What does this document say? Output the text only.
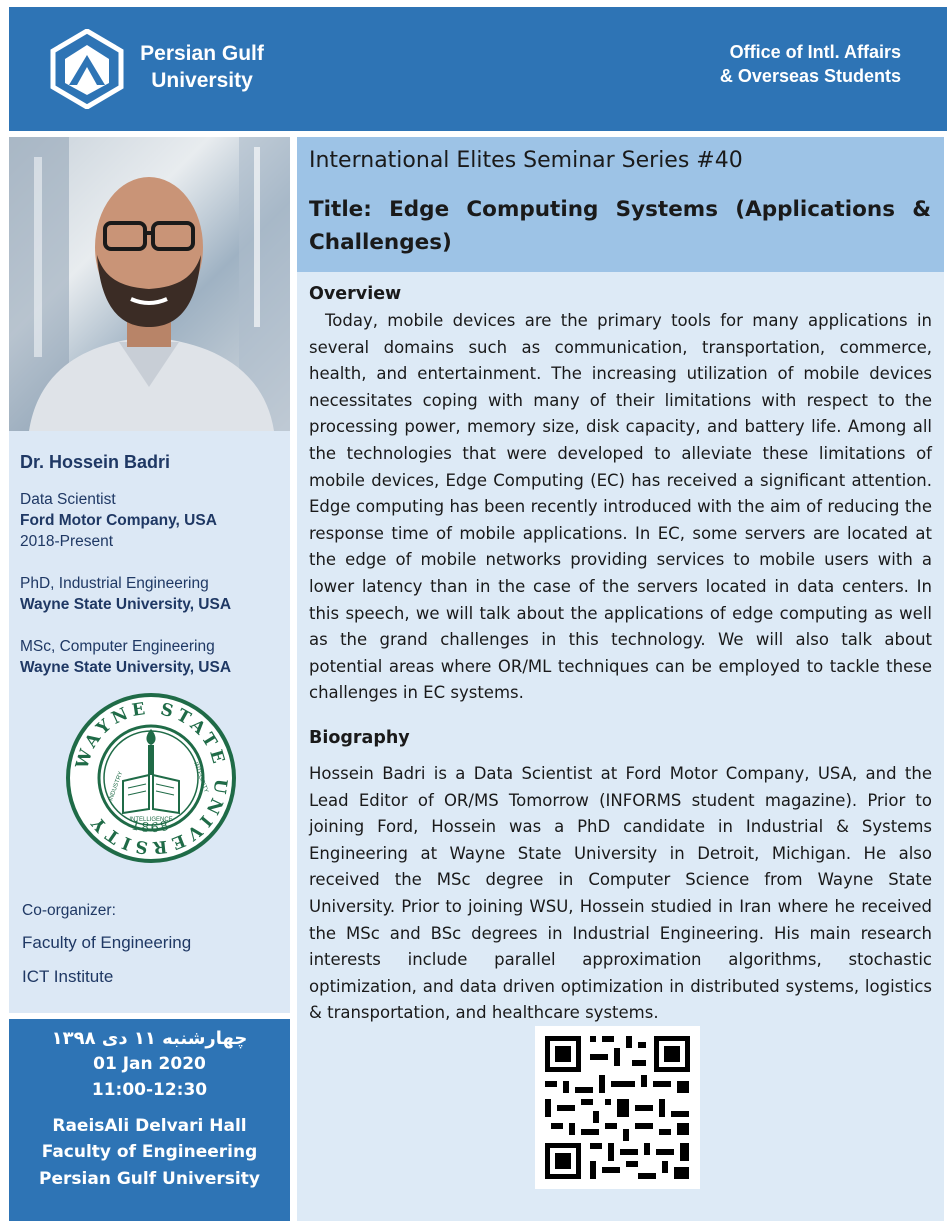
Persian Gulf
University
Office of Intl. Affairs
& Overseas Students
Dr. Hossein Badri
Data Scientist
Ford Motor Company, USA
2018-Present
PhD, Industrial Engineering
Wayne State University, USA
MSc, Computer Engineering
Wayne State University, USA
WAYNE STATE UNIVERSITY	1868
INDUSTRY
INTELLIGENCE
INTEGRITY
Co-organizer:
Faculty of Engineering
ICT Institute
چهارشنبه ۱۱ دی ۱۳۹۸
01 Jan 2020
11:00-12:30
RaeisAli Delvari Hall
Faculty of Engineering
Persian Gulf University
International Elites Seminar Series #40
Title: Edge Computing Systems (Applications & Challenges)
Overview
Today, mobile devices are the primary tools for many applications in several domains such as communication, transportation, commerce, health, and entertainment. The increasing utilization of mobile devices necessitates coping with many of their limitations with respect to the processing power, memory size, disk capacity, and battery life. Among all the technologies that were developed to alleviate these limitations of mobile devices, Edge Computing (EC) has received a significant attention. Edge computing has been recently introduced with the aim of reducing the response time of mobile applications. In EC, some servers are located at the edge of mobile networks providing services to mobile users with a lower latency than in the case of the servers located in data centers. In this speech, we will talk about the applications of edge computing as well as the grand challenges in this technology. We will also talk about potential areas where OR/ML techniques can be employed to tackle these challenges in EC systems.
Biography
Hossein Badri is a Data Scientist at Ford Motor Company, USA, and the Lead Editor of OR/MS Tomorrow (INFORMS student magazine). Prior to joining Ford, Hossein was a PhD candidate in Industrial & Systems Engineering at Wayne State University in Detroit, Michigan. He also received the MSc degree in Computer Science from Wayne State University. Prior to joining WSU, Hossein studied in Iran where he received the MSc and BSc degrees in Industrial Engineering. His main research interests include parallel approximation algorithms, stochastic optimization, and data driven optimization in distributed systems, logistics & transportation, and healthcare systems.
